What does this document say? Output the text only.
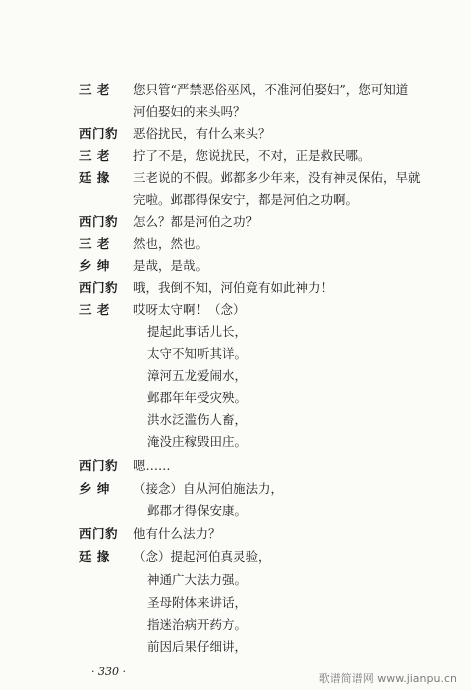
三 老 您只管“严禁恶俗巫风，不准河伯娶妇”，您可知道
河伯娶妇的来头吗？
西门豹 恶俗扰民，有什么来头？
三 老 拧了不是，您说扰民，不对，正是救民哪。
廷 掾 三老说的不假。邺都多少年来，没有神灵保佑，早就
完啦。邺郡得保安宁，都是河伯之功啊。
西门豹 怎么？都是河伯之功？
三 老 然也，然也。
乡 绅 是哉，是哉。
西门豹 哦，我倒不知，河伯竟有如此神力！
三 老 哎呀太守啊！（念）
提起此事话儿长，
太守不知听其详。
漳河五龙爱闹水，
邺郡年年受灾殃。
洪水泛滥伤人畜，
淹没庄稼毁田庄。
西门豹 嗯……
乡 绅 （接念）自从河伯施法力，
邺郡才得保安康。
西门豹 他有什么法力？
廷 掾 （念）提起河伯真灵验，
神通广大法力强。
圣母附体来讲话，
指迷治病开药方。
前因后果仔细讲，
· 330 ·
歌谱简谱网 www.jianpu.cn
